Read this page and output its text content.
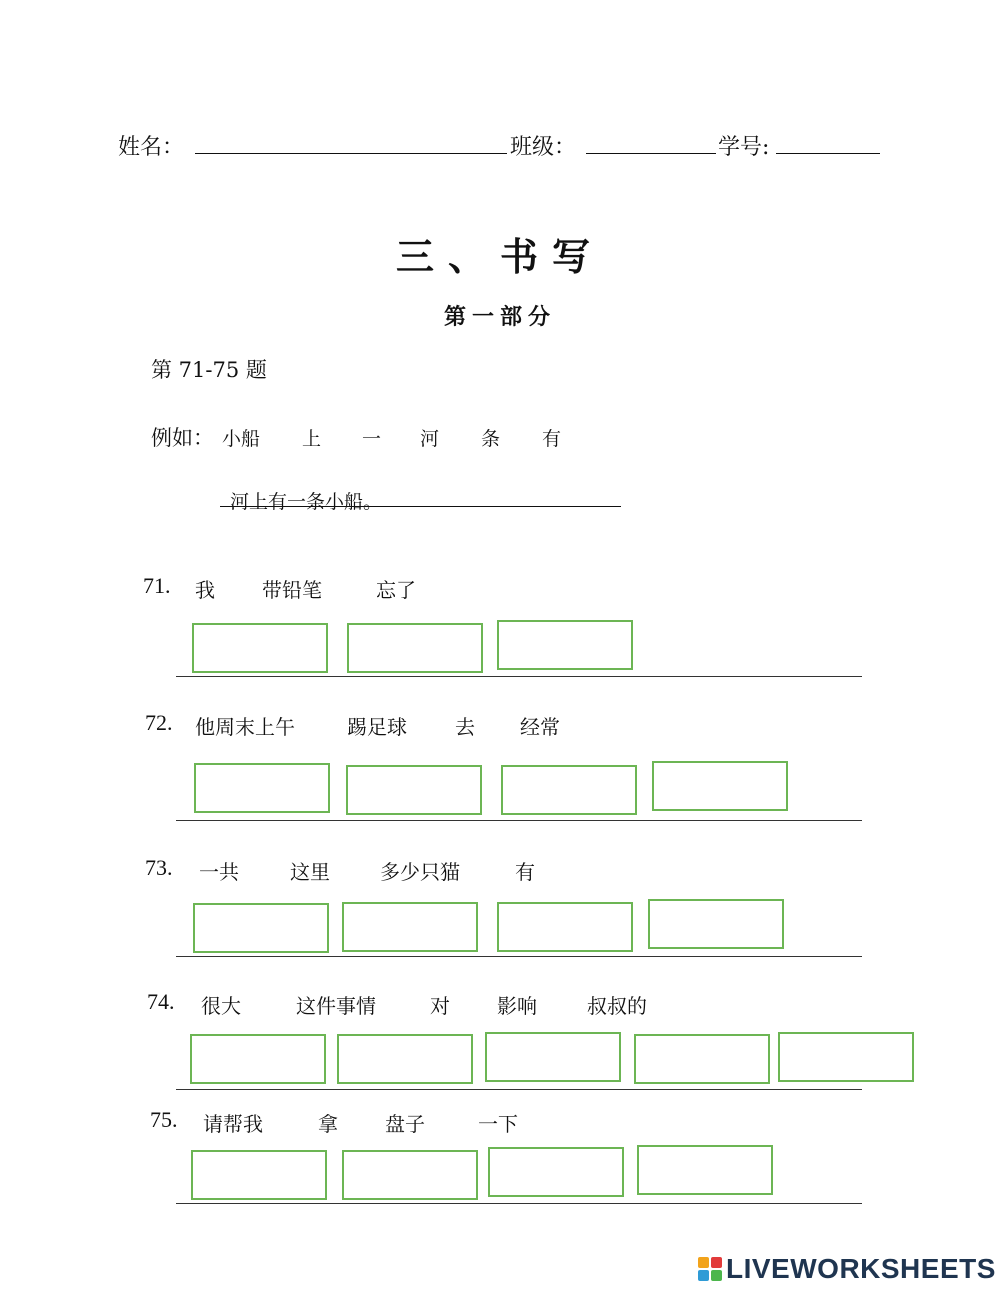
姓名：	班级：	学号:
三、书写
第一部分
第 71-75 题
例如： 小船 上 一 河 条 有
河上有一条小船。
71. 我 带铅笔	忘了
72. 他周末上午	踢足球 去 经常
73. 一共	这里	多少只猫	有
74. 很大	这件事情	对 影响	叔叔的
75. 请帮我	拿 盘子	一下
LIVEWORKSHEETS
